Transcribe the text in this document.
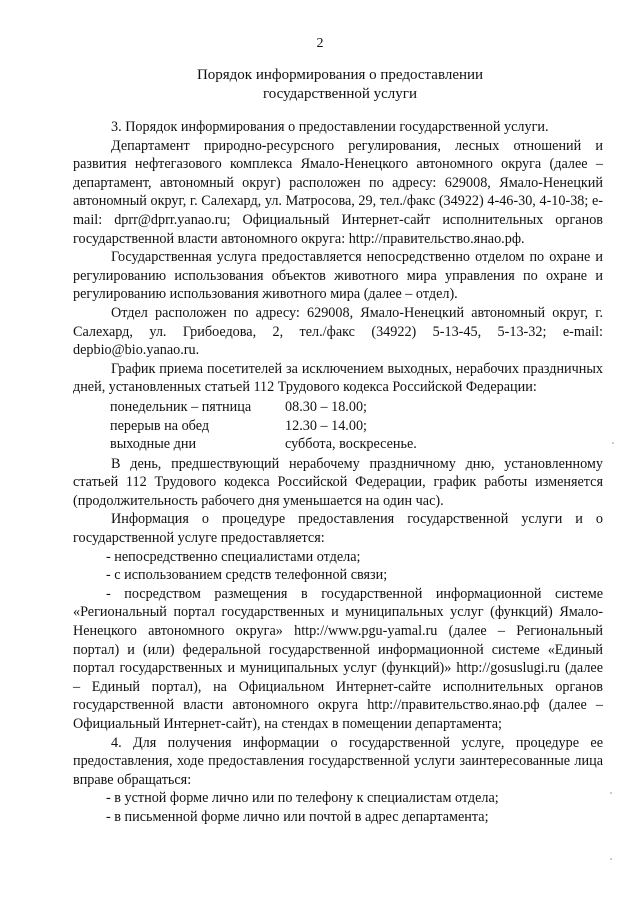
2
Порядок информирования о предоставлении
государственной услуги

3. Порядок информирования о предоставлении государственной услуги.

Департамент природно-ресурсного регулирования, лесных отношений и развития нефтегазового комплекса Ямало-Ненецкого автономного округа (далее – департамент, автономный округ) расположен по адресу: 629008, Ямало-Ненецкий автономный округ, г. Салехард, ул. Матросова, 29, тел./факс (34922) 4-46-30, 4-10-38; e-mail: dprr@dprr.yanao.ru; Официальный Интернет-сайт исполнительных органов государственной власти автономного округа: http://правительство.янао.рф.

Государственная услуга предоставляется непосредственно отделом по охране и регулированию использования объектов животного мира управления по охране и регулированию использования животного мира (далее – отдел).

Отдел расположен по адресу: 629008, Ямало-Ненецкий автономный округ, г. Салехард, ул. Грибоедова, 2, тел./факс (34922) 5-13-45, 5-13-32; e-mail: depbio@bio.yanao.ru.

График приема посетителей за исключением выходных, нерабочих праздничных дней, установленных статьей 112 Трудового кодекса Российской Федерации:

понедельник – пятница	08.30 – 18.00;
перерыв на обед	12.30 – 14.00;
выходные дни	суббота, воскресенье.

В день, предшествующий нерабочему праздничному дню, установленному статьей 112 Трудового кодекса Российской Федерации, график работы изменяется (продолжительность рабочего дня уменьшается на один час).

Информация о процедуре предоставления государственной услуги и о государственной услуге предоставляется:

- непосредственно специалистами отдела;

- с использованием средств телефонной связи;

- посредством размещения в государственной информационной системе «Региональный портал государственных и муниципальных услуг (функций) Ямало-Ненецкого автономного округа» http://www.pgu-yamal.ru (далее – Региональный портал) и (или) федеральной государственной информационной системе «Единый портал государственных и муниципальных услуг (функций)» http://gosuslugi.ru (далее – Единый портал), на Официальном Интернет-сайте исполнительных органов государственной власти автономного округа http://правительство.янао.рф (далее – Официальный Интернет-сайт), на стендах в помещении департамента;

4. Для получения информации о государственной услуге, процедуре ее предоставления, ходе предоставления государственной услуги заинтересованные лица вправе обращаться:

- в устной форме лично или по телефону к специалистам отдела;

- в письменной форме лично или почтой в адрес департамента;
